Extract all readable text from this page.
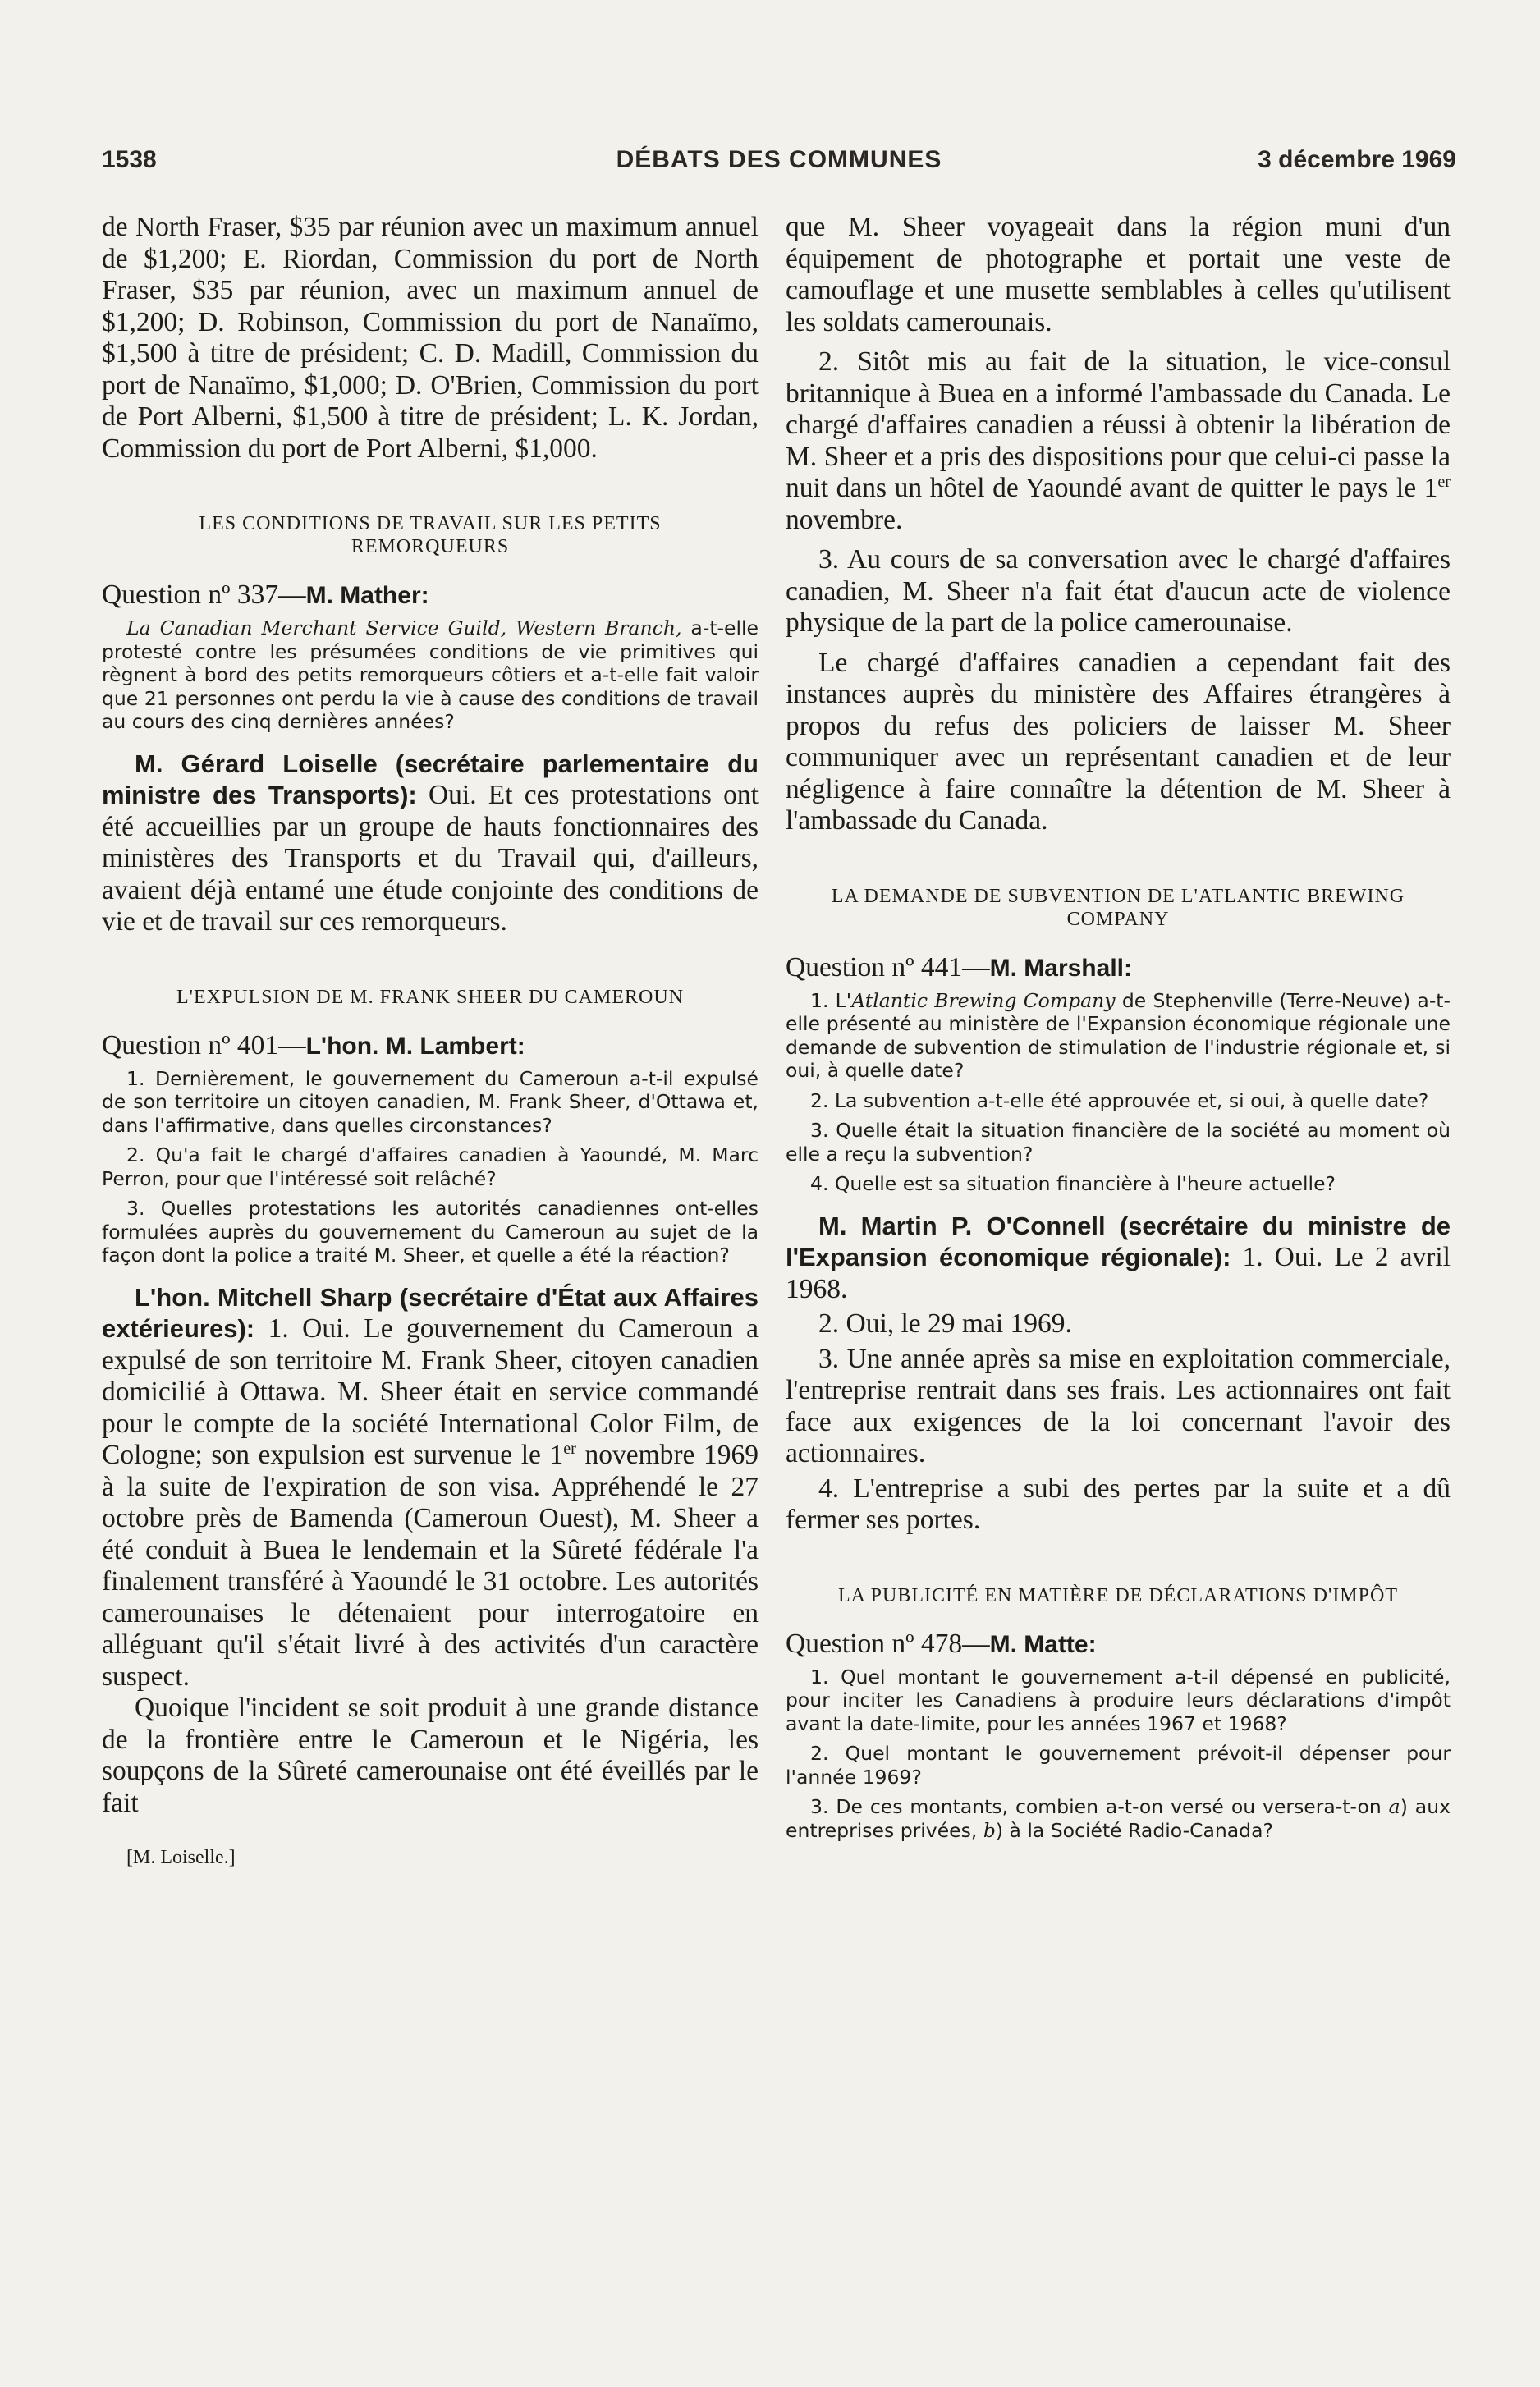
1538	DÉBATS DES COMMUNES	3 décembre 1969

de North Fraser, $35 par réunion avec un maximum annuel de $1,200; E. Riordan, Commission du port de North Fraser, $35 par réunion, avec un maximum annuel de $1,200; D. Robinson, Commission du port de Nanaïmo, $1,500 à titre de président; C. D. Madill, Commission du port de Nanaïmo, $1,000; D. O'Brien, Commission du port de Port Alberni, $1,500 à titre de président; L. K. Jordan, Commission du port de Port Alberni, $1,000.

LES CONDITIONS DE TRAVAIL SUR LES PETITS REMORQUEURS

Question nº 337—M. Mather:

La Canadian Merchant Service Guild, Western Branch, a-t-elle protesté contre les présumées conditions de vie primitives qui règnent à bord des petits remorqueurs côtiers et a-t-elle fait valoir que 21 personnes ont perdu la vie à cause des conditions de travail au cours des cinq dernières années?

M. Gérard Loiselle (secrétaire parlementaire du ministre des Transports): Oui. Et ces protestations ont été accueillies par un groupe de hauts fonctionnaires des ministères des Transports et du Travail qui, d'ailleurs, avaient déjà entamé une étude conjointe des conditions de vie et de travail sur ces remorqueurs.

L'EXPULSION DE M. FRANK SHEER DU CAMEROUN

Question nº 401—L'hon. M. Lambert:

1. Dernièrement, le gouvernement du Cameroun a-t-il expulsé de son territoire un citoyen canadien, M. Frank Sheer, d'Ottawa et, dans l'affirmative, dans quelles circonstances?

2. Qu'a fait le chargé d'affaires canadien à Yaoundé, M. Marc Perron, pour que l'intéressé soit relâché?

3. Quelles protestations les autorités canadiennes ont-elles formulées auprès du gouvernement du Cameroun au sujet de la façon dont la police a traité M. Sheer, et quelle a été la réaction?

L'hon. Mitchell Sharp (secrétaire d'État aux Affaires extérieures): 1. Oui. Le gouvernement du Cameroun a expulsé de son territoire M. Frank Sheer, citoyen canadien domicilié à Ottawa. M. Sheer était en service commandé pour le compte de la société International Color Film, de Cologne; son expulsion est survenue le 1er novembre 1969 à la suite de l'expiration de son visa. Appréhendé le 27 octobre près de Bamenda (Cameroun Ouest), M. Sheer a été conduit à Buea le lendemain et la Sûreté fédérale l'a finalement transféré à Yaoundé le 31 octobre. Les autorités camerounaises le détenaient pour interrogatoire en alléguant qu'il s'était livré à des activités d'un caractère suspect.

Quoique l'incident se soit produit à une grande distance de la frontière entre le Cameroun et le Nigéria, les soupçons de la Sûreté camerounaise ont été éveillés par le fait

[M. Loiselle.]

que M. Sheer voyageait dans la région muni d'un équipement de photographe et portait une veste de camouflage et une musette semblables à celles qu'utilisent les soldats camerounais.

2. Sitôt mis au fait de la situation, le vice-consul britannique à Buea en a informé l'ambassade du Canada. Le chargé d'affaires canadien a réussi à obtenir la libération de M. Sheer et a pris des dispositions pour que celui-ci passe la nuit dans un hôtel de Yaoundé avant de quitter le pays le 1er novembre.

3. Au cours de sa conversation avec le chargé d'affaires canadien, M. Sheer n'a fait état d'aucun acte de violence physique de la part de la police camerounaise.

Le chargé d'affaires canadien a cependant fait des instances auprès du ministère des Affaires étrangères à propos du refus des policiers de laisser M. Sheer communiquer avec un représentant canadien et de leur négligence à faire connaître la détention de M. Sheer à l'ambassade du Canada.

LA DEMANDE DE SUBVENTION DE L'ATLANTIC BREWING COMPANY

Question nº 441—M. Marshall:

1. L'Atlantic Brewing Company de Stephenville (Terre-Neuve) a-t-elle présenté au ministère de l'Expansion économique régionale une demande de subvention de stimulation de l'industrie régionale et, si oui, à quelle date?

2. La subvention a-t-elle été approuvée et, si oui, à quelle date?

3. Quelle était la situation financière de la société au moment où elle a reçu la subvention?

4. Quelle est sa situation financière à l'heure actuelle?

M. Martin P. O'Connell (secrétaire du ministre de l'Expansion économique régionale): 1. Oui. Le 2 avril 1968.

2. Oui, le 29 mai 1969.

3. Une année après sa mise en exploitation commerciale, l'entreprise rentrait dans ses frais. Les actionnaires ont fait face aux exigences de la loi concernant l'avoir des actionnaires.

4. L'entreprise a subi des pertes par la suite et a dû fermer ses portes.

LA PUBLICITÉ EN MATIÈRE DE DÉCLARATIONS D'IMPÔT

Question nº 478—M. Matte:

1. Quel montant le gouvernement a-t-il dépensé en publicité, pour inciter les Canadiens à produire leurs déclarations d'impôt avant la date-limite, pour les années 1967 et 1968?

2. Quel montant le gouvernement prévoit-il dépenser pour l'année 1969?

3. De ces montants, combien a-t-on versé ou versera-t-on a) aux entreprises privées, b) à la Société Radio-Canada?
